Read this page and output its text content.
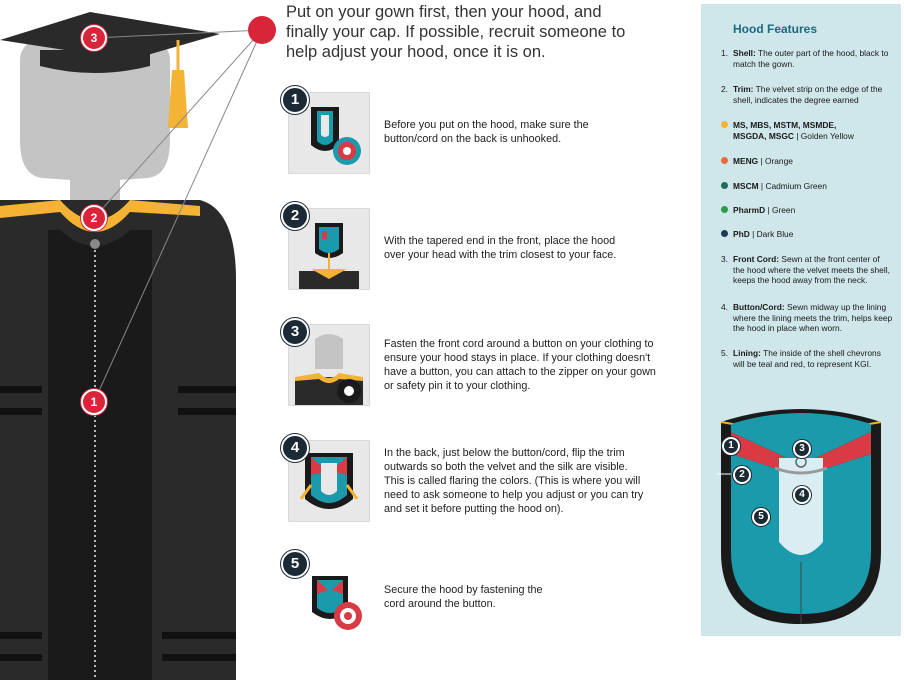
3
2
1
Put on your gown first, then your hood, and finally your cap. If possible, recruit someone to help adjust your hood, once it is on.
1
Before you put on the hood, make sure the button/cord on the back is unhooked.
2
With the tapered end in the front, place the hood over your head with the trim closest to your face.
3
Fasten the front cord around a button on your clothing to ensure your hood stays in place. If your clothing doesn't have a button, you can attach to the zipper on your gown or safety pin it to your clothing.
4	In the back, just below the button/cord, flip the trim outwards so both the velvet and the silk are visible. This is called flaring the colors. (This is where you will need to ask someone to help you adjust or you can try and set it before putting the hood on).
5
Secure the hood by fastening the cord around the button.
Hood Features
1. Shell: The outer part of the hood, black to match the gown.
2. Trim: The velvet strip on the edge of the shell, indicates the degree earned
MS, MBS, MSTM, MSMDE, MSGDA, MSGC | Golden Yellow
MENG | Orange
MSCM | Cadmium Green
PharmD | Green
PhD | Dark Blue
3. Front Cord: Sewn at the front center of the hood where the velvet meets the shell, keeps the hood away from the neck.
4. Button/Cord: Sewn midway up the lining where the lining meets the trim, helps keep the hood in place when worn.
5. Lining: The inside of the shell chevrons will be teal and red, to represent KGI.
1
2
3
4
5
